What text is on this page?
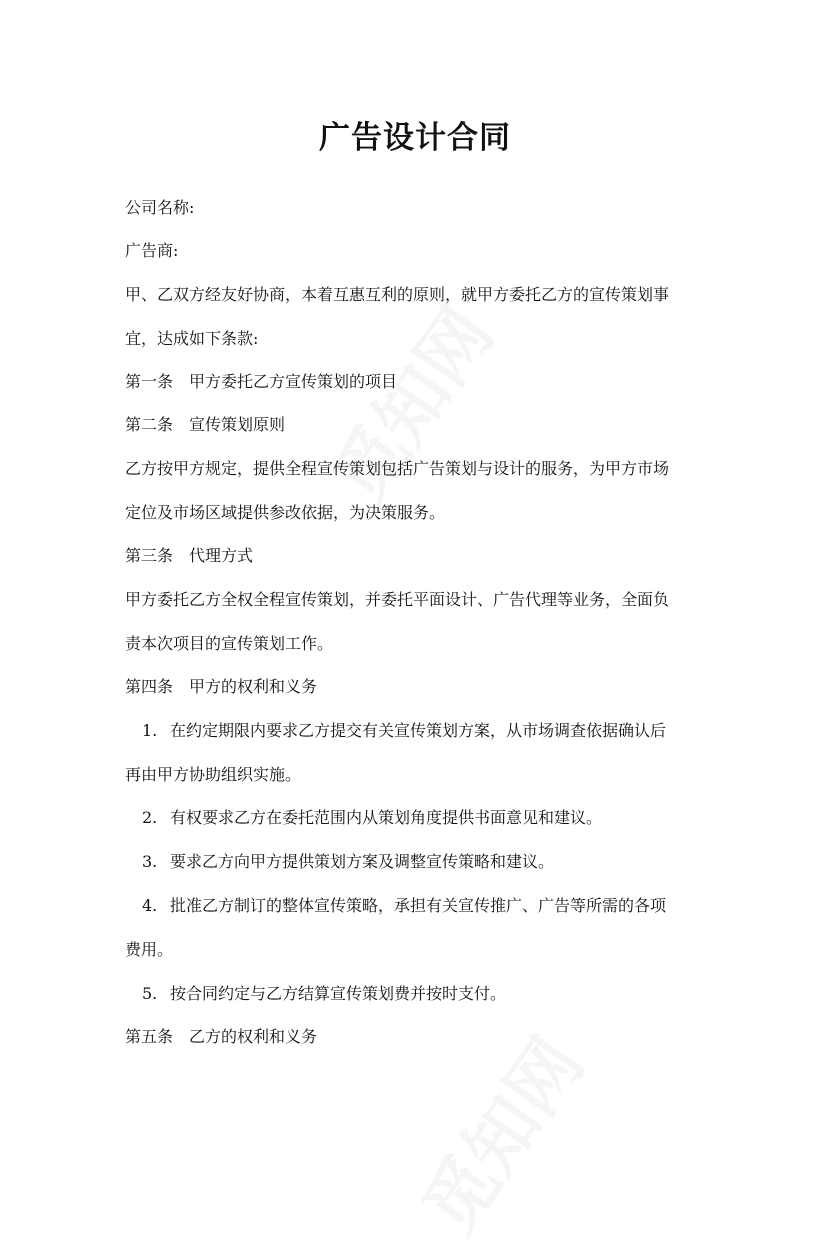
广告设计合同
公司名称:
广告商:
甲、乙双方经友好协商，本着互惠互利的原则，就甲方委托乙方的宣传策划事
宜，达成如下条款:
第一条　甲方委托乙方宣传策划的项目
第二条　宣传策划原则
乙方按甲方规定，提供全程宣传策划包括广告策划与设计的服务，为甲方市场
定位及市场区域提供参改依据，为决策服务。
第三条　代理方式
甲方委托乙方全权全程宣传策划，并委托平面设计、广告代理等业务，全面负
责本次项目的宣传策划工作。
第四条　甲方的权利和义务
1. 在约定期限内要求乙方提交有关宣传策划方案，从市场调查依据确认后
再由甲方协助组织实施。
2. 有权要求乙方在委托范围内从策划角度提供书面意见和建议。
3. 要求乙方向甲方提供策划方案及调整宣传策略和建议。
4. 批准乙方制订的整体宣传策略，承担有关宣传推广、广告等所需的各项
费用。
5. 按合同约定与乙方结算宣传策划费并按时支付。
第五条　乙方的权利和义务
